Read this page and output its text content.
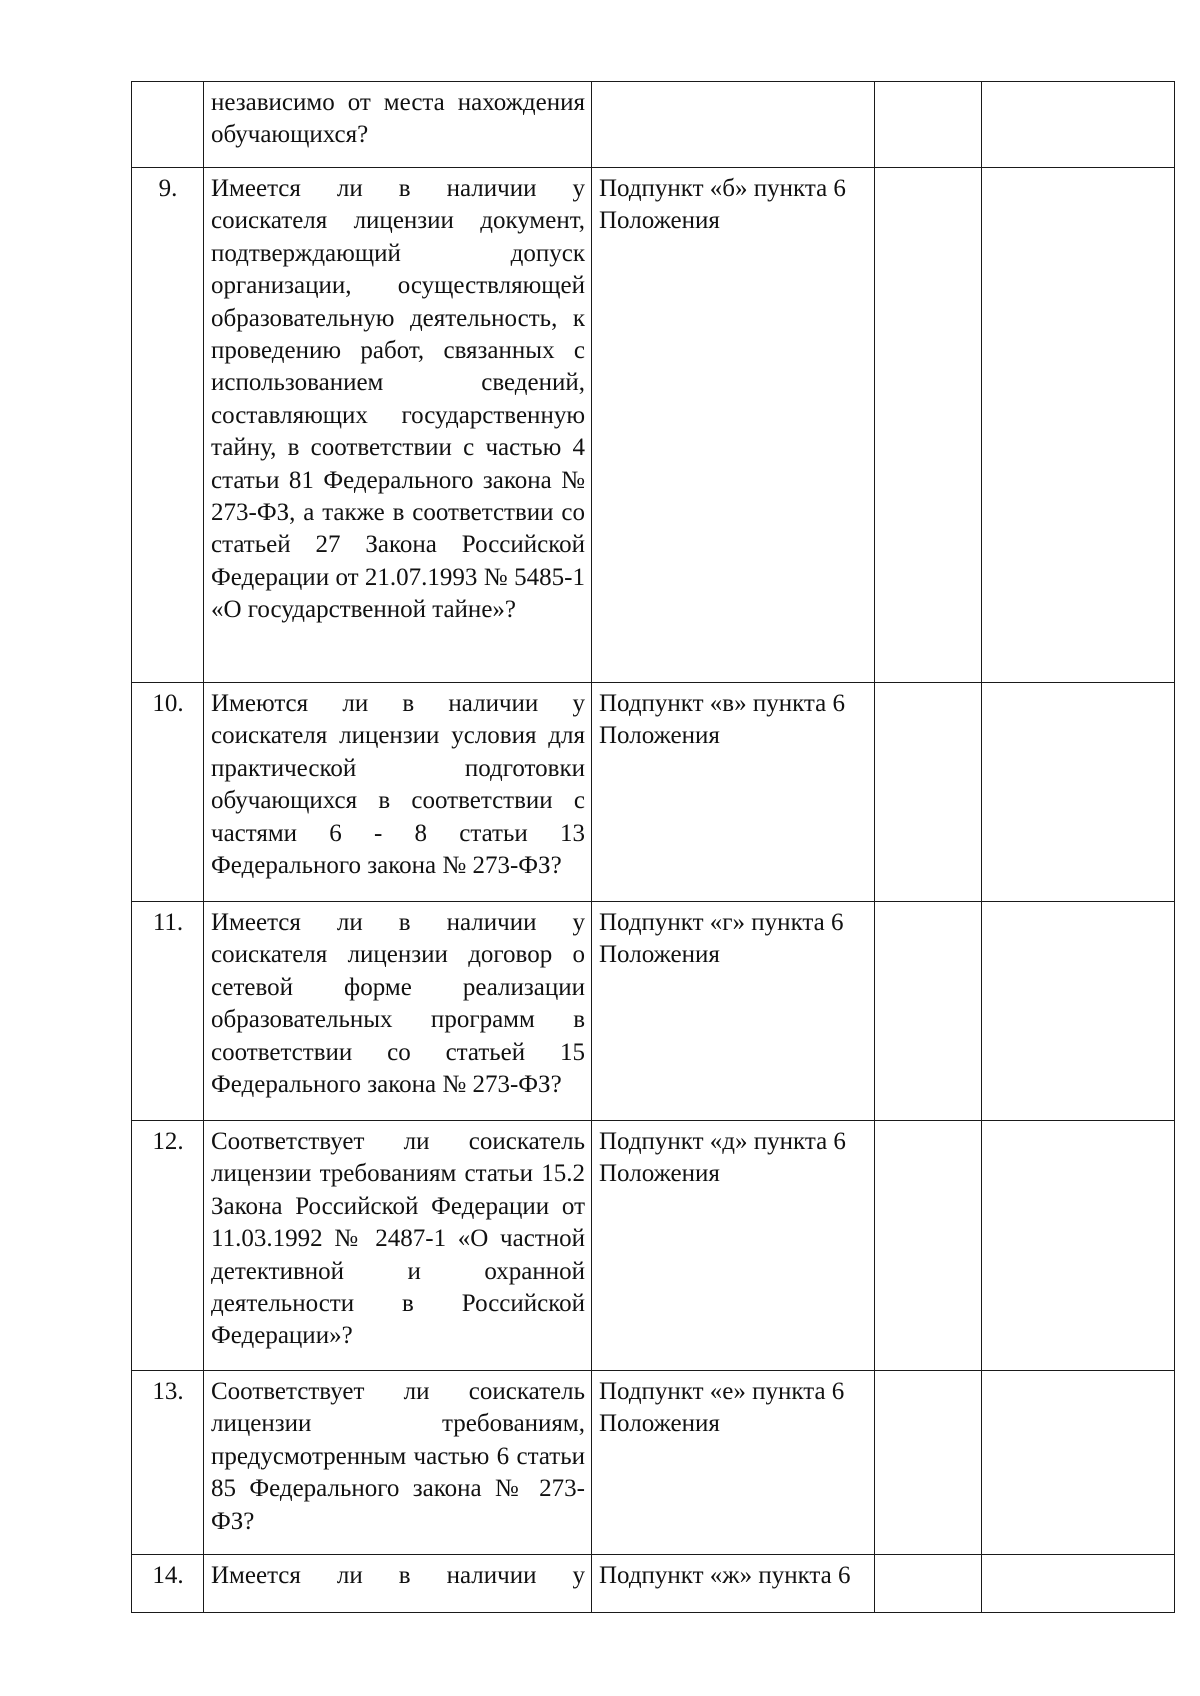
	независимо от места нахождения обучающихся?			
9.	Имеется ли в наличии у соискателя лицензии документ, подтверждающий допуск организации, осуществляющей образовательную деятельность, к проведению работ, связанных с использованием сведений, составляющих государственную тайну, в соответствии с частью 4 статьи 81 Федерального закона № 273-ФЗ, а также в соответствии со статьей 27 Закона Российской Федерации от 21.07.1993 № 5485-1 «О государственной тайне»?	Подпункт «б» пункта 6 Положения		
10.	Имеются ли в наличии у соискателя лицензии условия для практической подготовки обучающихся в соответствии с частями 6 - 8 статьи 13 Федерального закона № 273-ФЗ?	Подпункт «в» пункта 6 Положения		
11.	Имеется ли в наличии у соискателя лицензии договор о сетевой форме реализации образовательных программ в соответствии со статьей 15 Федерального закона № 273-ФЗ?	Подпункт «г» пункта 6 Положения		
12.	Соответствует ли соискатель лицензии требованиям статьи 15.2 Закона Российской Федерации от 11.03.1992 № 2487-1 «О частной детективной и охранной деятельности в Российской Федерации»?	Подпункт «д» пункта 6 Положения		
13.	Соответствует ли соискатель лицензии требованиям, предусмотренным частью 6 статьи 85 Федерального закона № 273-ФЗ?	Подпункт «е» пункта 6 Положения		
14.	Имеется ли в наличии у	Подпункт «ж» пункта 6		
